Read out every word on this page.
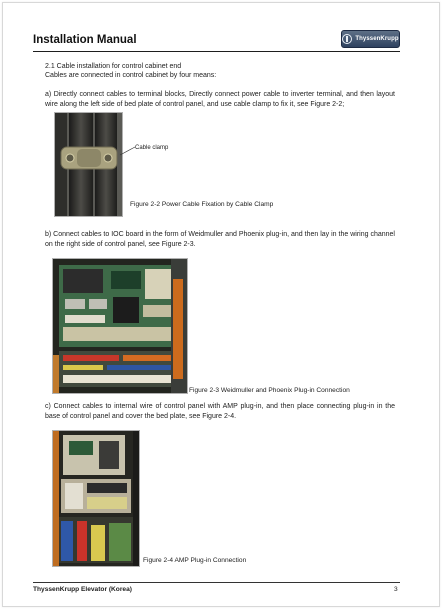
Installation Manual	ThyssenKrupp
2.1 Cable installation for control cabinet end
Cables are connected in control cabinet by four means:
a) Directly connect cables to terminal blocks, Directly connect power cable to inverter terminal, and then layout wire along the left side of bed plate of control panel, and use cable clamp to fix it, see Figure 2-2;
Cable clamp
Figure 2-2 Power Cable Fixation by Cable Clamp
b) Connect cables to IOC board in the form of Weidmuller and Phoenix plug-in, and then lay in the wiring channel on the right side of control panel, see Figure 2-3.
Figure 2-3 Weidmuller and Phoenix Plug-in Connection
c) Connect cables to internal wire of control panel with AMP plug-in, and then place connecting plug-in in the base of control panel and cover the bed plate, see Figure 2-4.
Figure 2-4 AMP Plug-in Connection
ThyssenKrupp Elevator (Korea)	3
